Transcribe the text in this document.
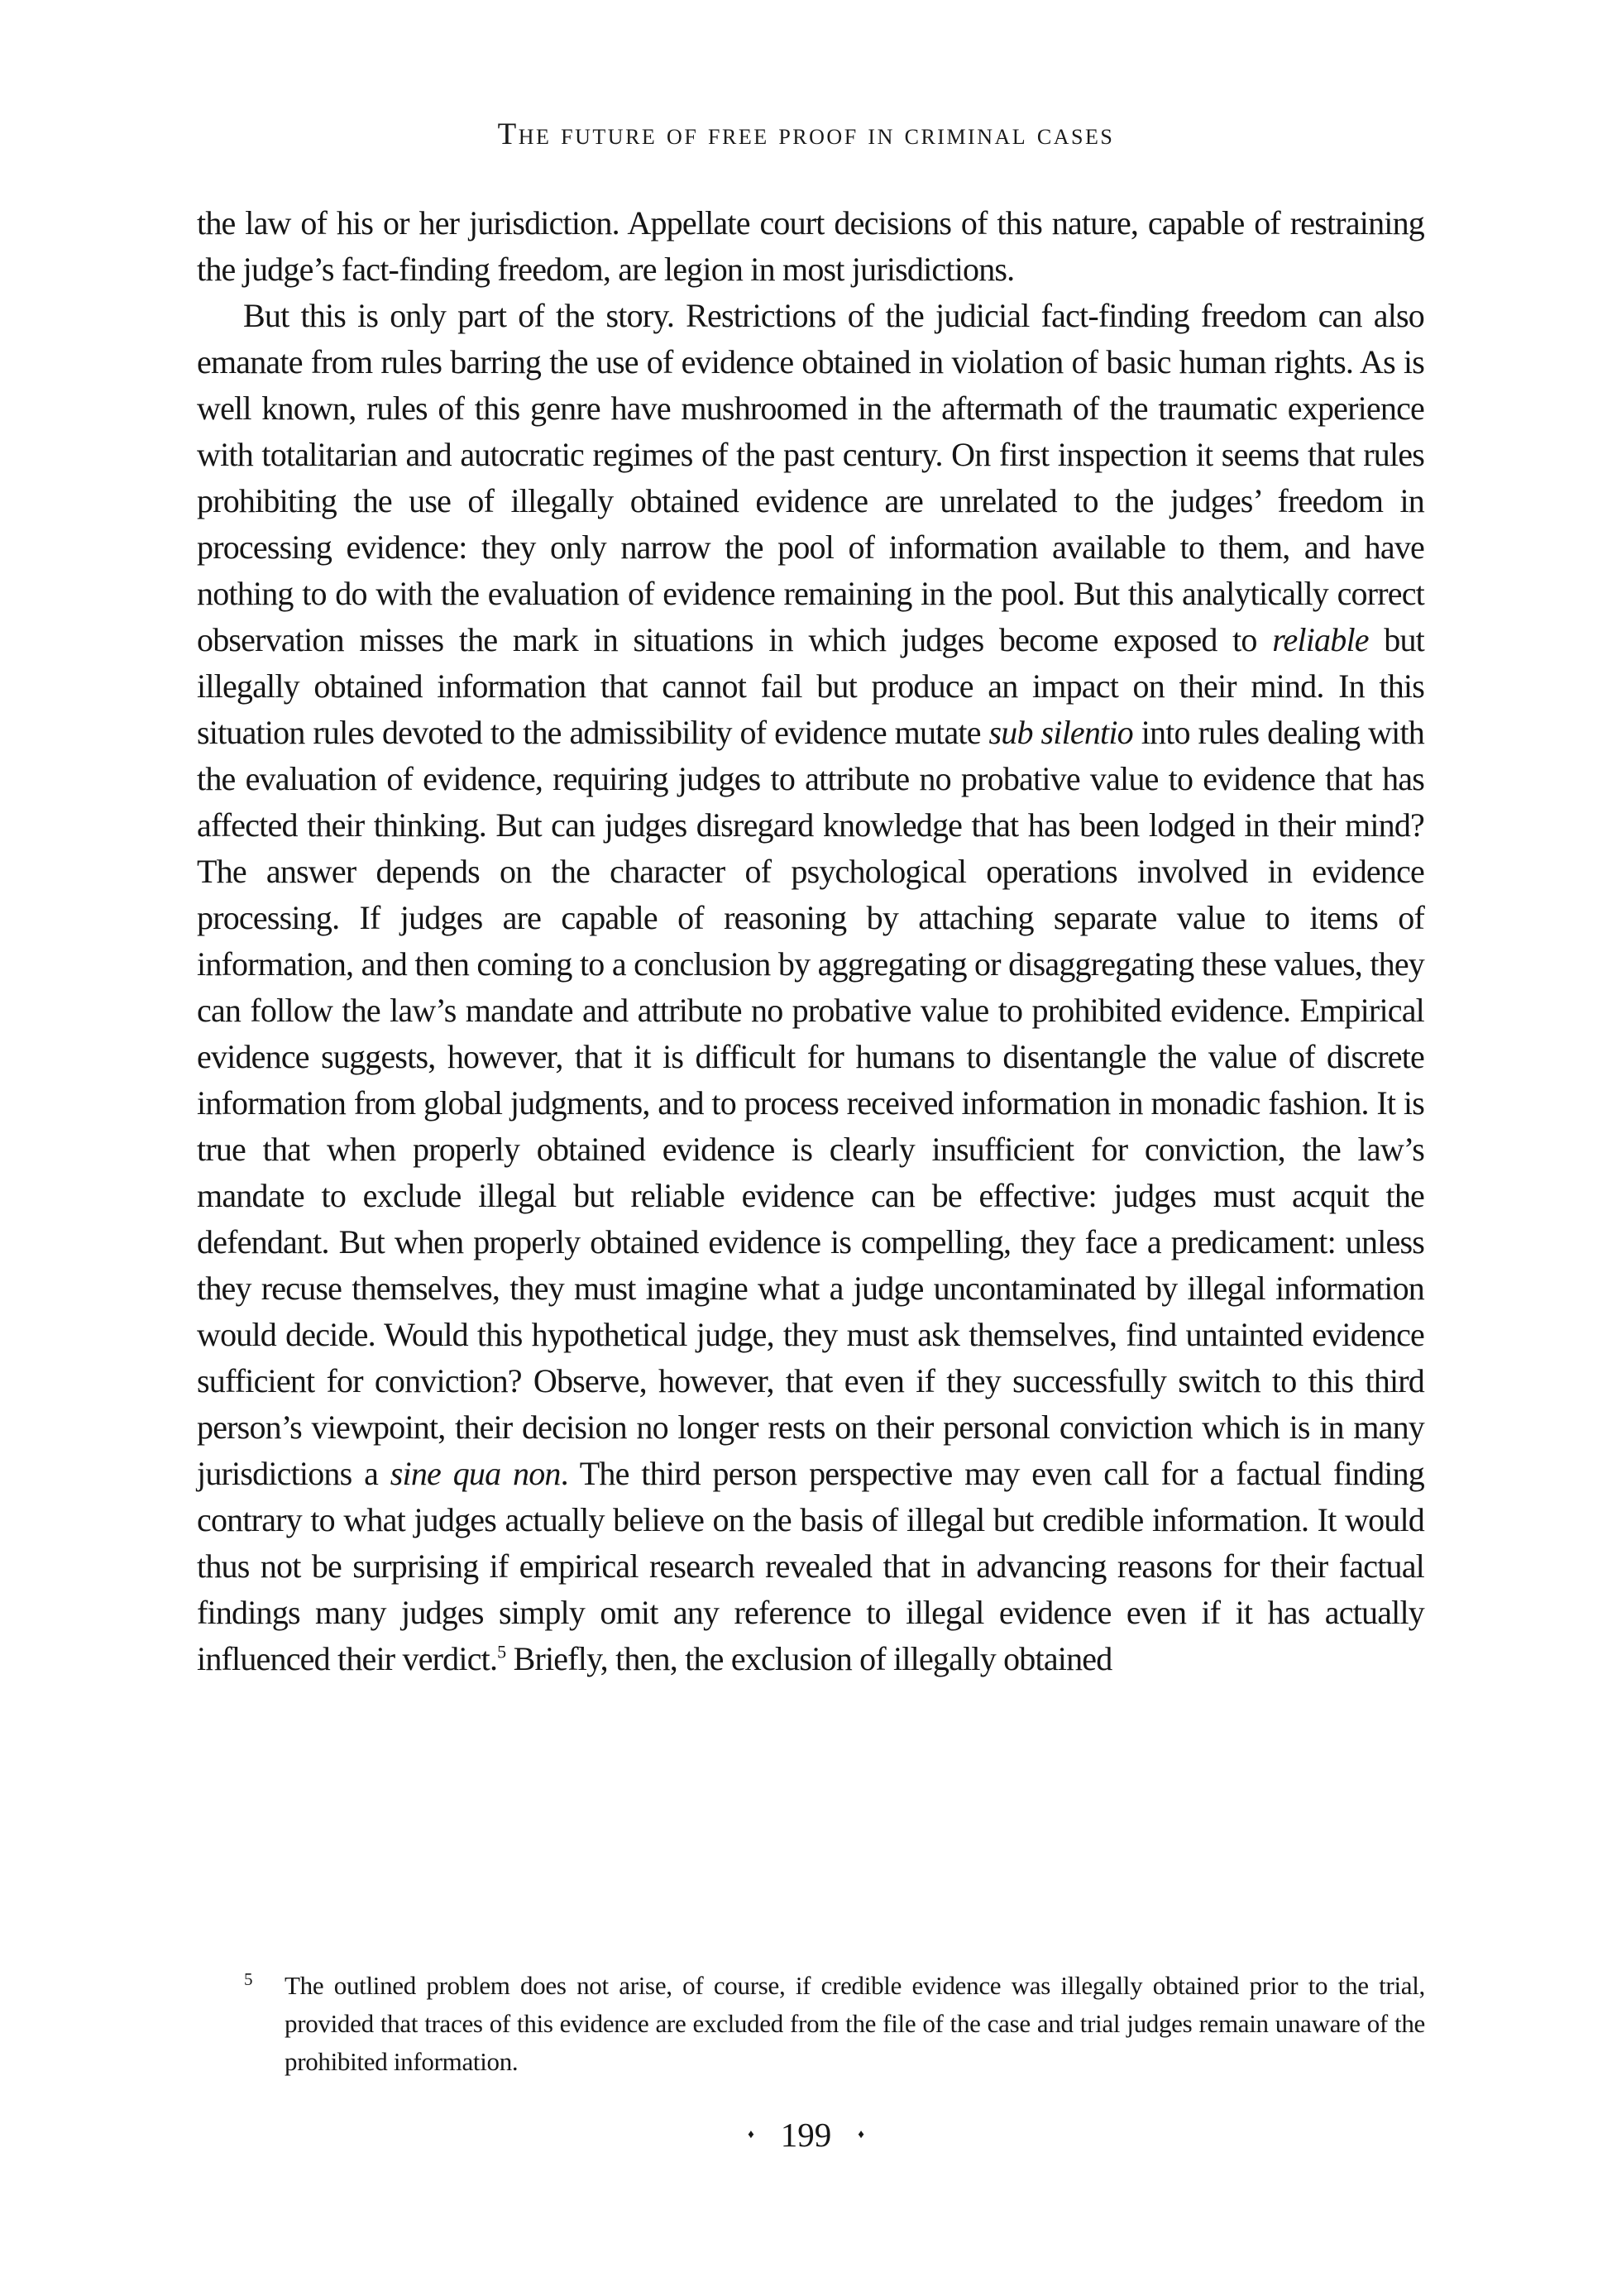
The future of free proof in criminal cases

the law of his or her jurisdiction. Appellate court decisions of this nature, capable of restraining the judge’s fact-finding freedom, are legion in most jurisdictions.

But this is only part of the story. Restrictions of the judicial fact-finding freedom can also emanate from rules barring the use of evidence obtained in violation of basic human rights. As is well known, rules of this genre have mushroomed in the aftermath of the traumatic experience with totalitarian and autocratic regimes of the past century. On first inspection it seems that rules prohibiting the use of illegally obtained evidence are unrelated to the judges’ freedom in processing evidence: they only narrow the pool of information available to them, and have nothing to do with the evaluation of evidence remaining in the pool. But this analytically correct observation misses the mark in situations in which judges become exposed to reliable but illegally obtained information that cannot fail but produce an impact on their mind. In this situation rules devoted to the admissibility of evidence mutate sub silentio into rules dealing with the evaluation of evidence, requiring judges to attribute no probative value to evidence that has affected their thinking. But can judges disregard knowledge that has been lodged in their mind? The answer depends on the character of psychological operations involved in evidence processing. If judges are capable of reasoning by attaching separate value to items of information, and then coming to a conclusion by aggregating or disaggregating these values, they can follow the law’s mandate and attribute no probative value to prohibited evidence. Empirical evidence suggests, however, that it is difficult for humans to disentangle the value of discrete information from global judgments, and to process received information in monadic fashion. It is true that when properly obtained evidence is clearly insufficient for conviction, the law’s mandate to exclude illegal but reliable evidence can be effective: judges must acquit the defendant. But when properly obtained evidence is compelling, they face a predicament: unless they recuse themselves, they must imagine what a judge uncontaminated by illegal information would decide. Would this hypothetical judge, they must ask themselves, find untainted evidence sufficient for conviction? Observe, however, that even if they successfully switch to this third person’s viewpoint, their decision no longer rests on their personal conviction which is in many jurisdictions a sine qua non. The third person perspective may even call for a factual finding contrary to what judges actually believe on the basis of illegal but credible information. It would thus not be surprising if empirical research revealed that in advancing reasons for their factual findings many judges simply omit any reference to illegal evidence even if it has actually influenced their verdict.$^5$ Briefly, then, the exclusion of illegally obtained

5	The outlined problem does not arise, of course, if credible evidence was illegally obtained prior to the trial, provided that traces of this evidence are excluded from the file of the case and trial judges remain unaware of the prohibited information.
♦ 199 ♦
